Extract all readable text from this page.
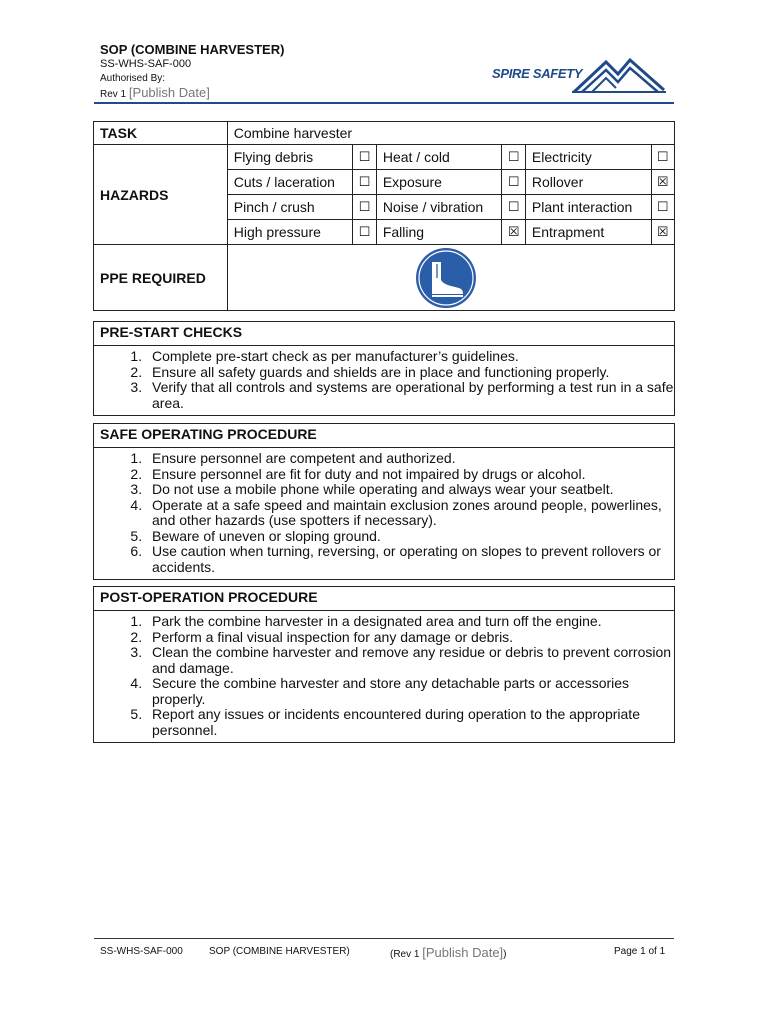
SOP (COMBINE HARVESTER)
SS-WHS-SAF-000
Authorised By:
Rev 1 [Publish Date]
SPIRE SAFETY
TASK	Combine harvester					
HAZARDS	Flying debris	☐	Heat / cold	☐	Electricity	☐
	Cuts / laceration	☐	Exposure	☐	Rollover	☒
	Pinch / crush	☐	Noise / vibration	☐	Plant interaction	☐
	High pressure	☐	Falling	☒	Entrapment	☒
PPE REQUIRED	
PRE-START CHECKS
1. Complete pre-start check as per manufacturer’s guidelines.
2. Ensure all safety guards and shields are in place and functioning properly.
3. Verify that all controls and systems are operational by performing a test run in a safe area.
SAFE OPERATING PROCEDURE
1. Ensure personnel are competent and authorized.
2. Ensure personnel are fit for duty and not impaired by drugs or alcohol.
3. Do not use a mobile phone while operating and always wear your seatbelt.
4. Operate at a safe speed and maintain exclusion zones around people, powerlines, and other hazards (use spotters if necessary).
5. Beware of uneven or sloping ground.
6. Use caution when turning, reversing, or operating on slopes to prevent rollovers or accidents.
POST-OPERATION PROCEDURE
1. Park the combine harvester in a designated area and turn off the engine.
2. Perform a final visual inspection for any damage or debris.
3. Clean the combine harvester and remove any residue or debris to prevent corrosion and damage.
4. Secure the combine harvester and store any detachable parts or accessories properly.
5. Report any issues or incidents encountered during operation to the appropriate personnel.
SS-WHS-SAF-000	SOP (COMBINE HARVESTER)	(Rev 1 [Publish Date])	Page 1 of 1
